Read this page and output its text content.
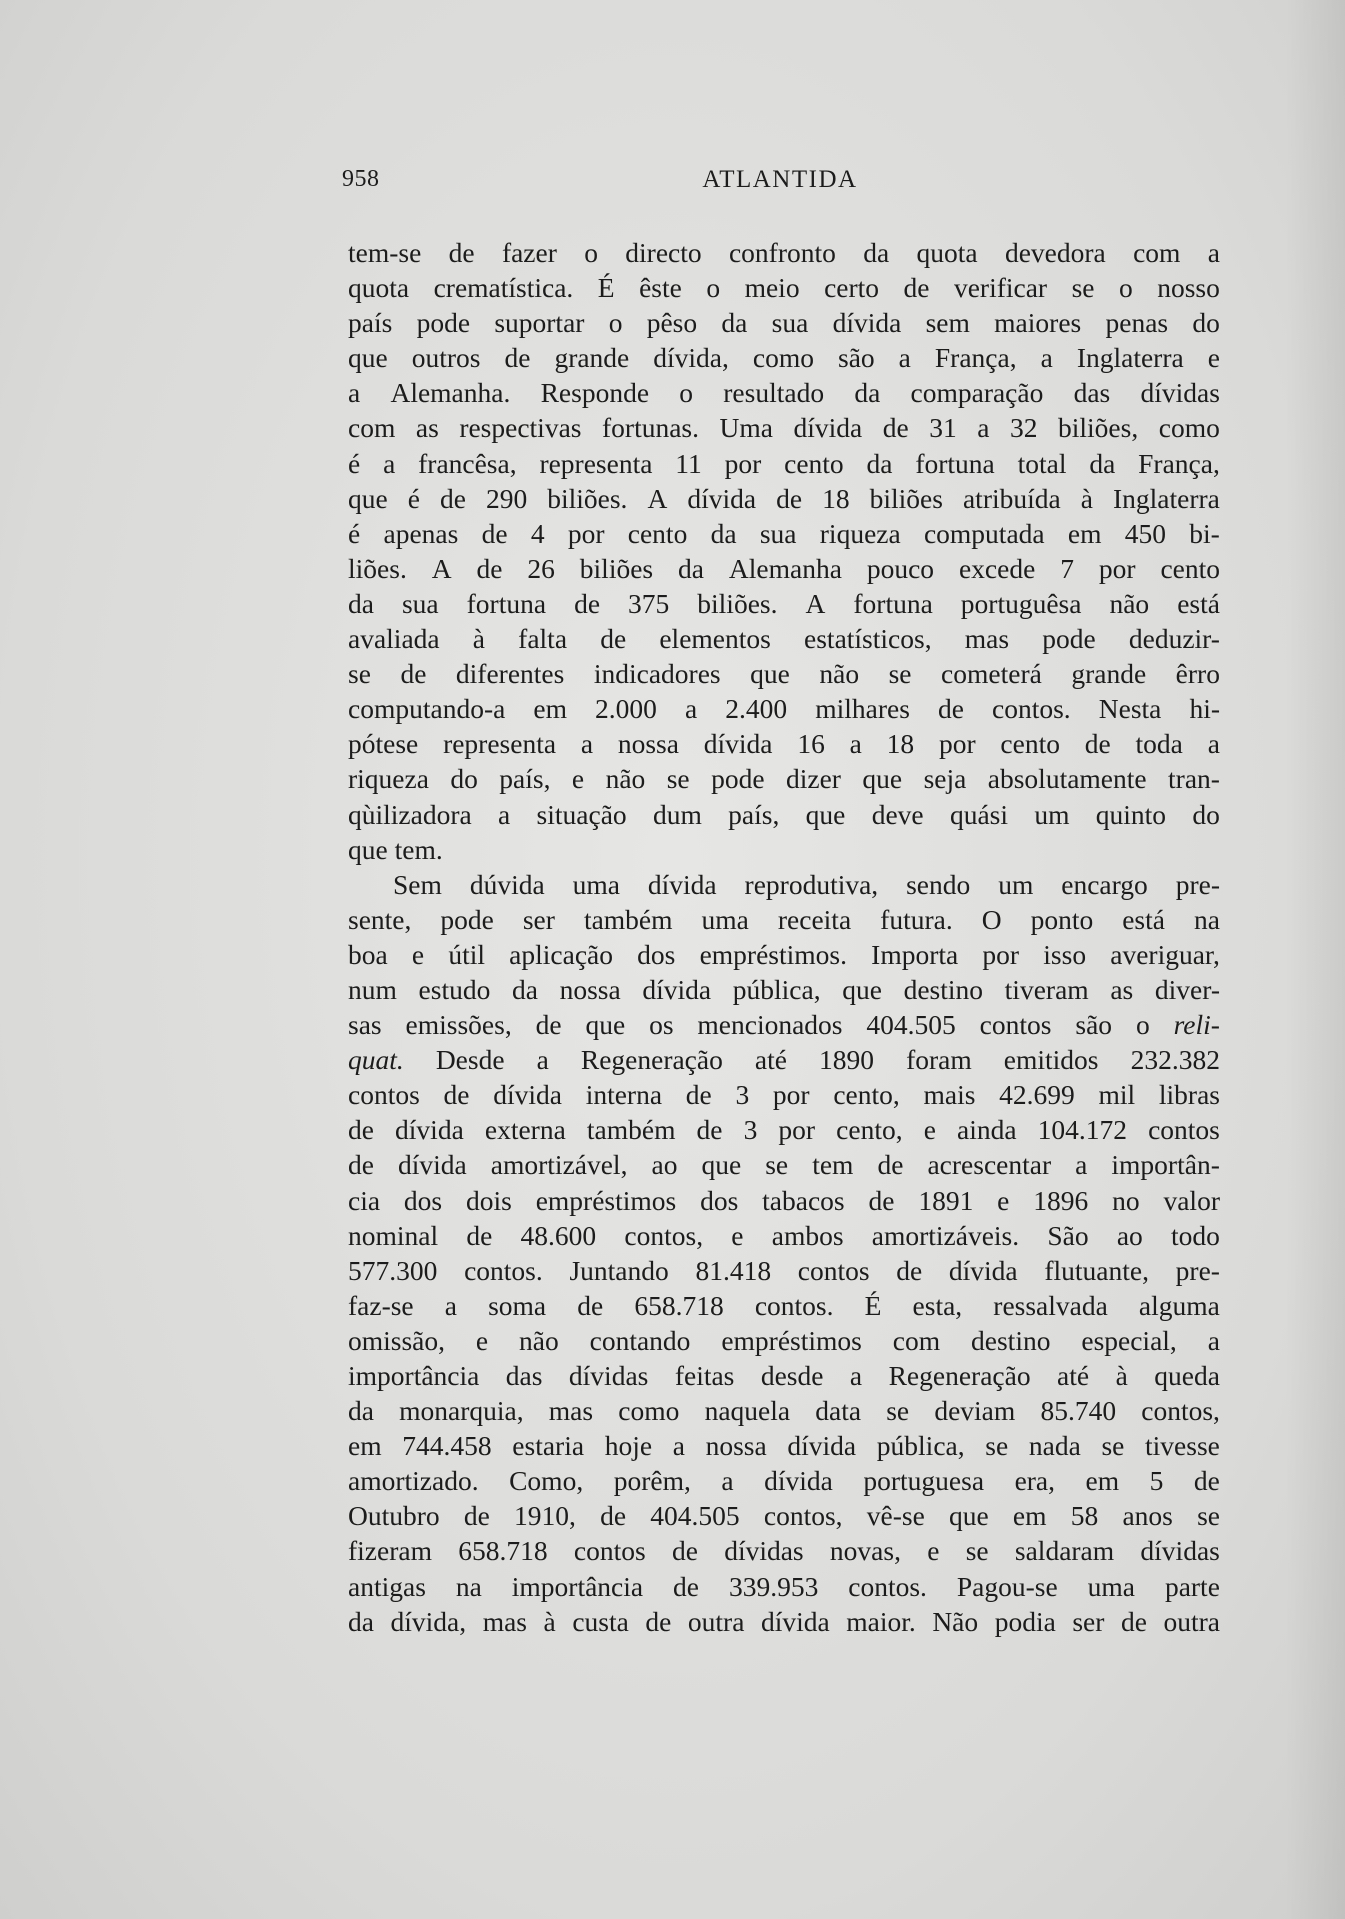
958	ATLANTIDA
tem-se de fazer o directo confronto da quota devedora com a
quota crematística. É êste o meio certo de verificar se o nosso
país pode suportar o pêso da sua dívida sem maiores penas do
que outros de grande dívida, como são a França, a Inglaterra e
a Alemanha. Responde o resultado da comparação das dívidas
com as respectivas fortunas. Uma dívida de 31 a 32 biliões, como
é a francêsa, representa 11 por cento da fortuna total da França,
que é de 290 biliões. A dívida de 18 biliões atribuída à Inglaterra
é apenas de 4 por cento da sua riqueza computada em 450 bi-
liões. A de 26 biliões da Alemanha pouco excede 7 por cento
da sua fortuna de 375 biliões. A fortuna portuguêsa não está
avaliada à falta de elementos estatísticos, mas pode deduzir-
se de diferentes indicadores que não se cometerá grande êrro
computando-a em 2.000 a 2.400 milhares de contos. Nesta hi-
pótese representa a nossa dívida 16 a 18 por cento de toda a
riqueza do país, e não se pode dizer que seja absolutamente tran-
qùilizadora a situação dum país, que deve quási um quinto do
que tem.
Sem dúvida uma dívida reprodutiva, sendo um encargo pre-
sente, pode ser também uma receita futura. O ponto está na
boa e útil aplicação dos empréstimos. Importa por isso averiguar,
num estudo da nossa dívida pública, que destino tiveram as diver-
sas emissões, de que os mencionados 404.505 contos são o reli-
quat. Desde a Regeneração até 1890 foram emitidos 232.382
contos de dívida interna de 3 por cento, mais 42.699 mil libras
de dívida externa também de 3 por cento, e ainda 104.172 contos
de dívida amortizável, ao que se tem de acrescentar a importân-
cia dos dois empréstimos dos tabacos de 1891 e 1896 no valor
nominal de 48.600 contos, e ambos amortizáveis. São ao todo
577.300 contos. Juntando 81.418 contos de dívida flutuante, pre-
faz-se a soma de 658.718 contos. É esta, ressalvada alguma
omissão, e não contando empréstimos com destino especial, a
importância das dívidas feitas desde a Regeneração até à queda
da monarquia, mas como naquela data se deviam 85.740 contos,
em 744.458 estaria hoje a nossa dívida pública, se nada se tivesse
amortizado. Como, porêm, a dívida portuguesa era, em 5 de
Outubro de 1910, de 404.505 contos, vê-se que em 58 anos se
fizeram 658.718 contos de dívidas novas, e se saldaram dívidas
antigas na importância de 339.953 contos. Pagou-se uma parte
da dívida, mas à custa de outra dívida maior. Não podia ser de outra
